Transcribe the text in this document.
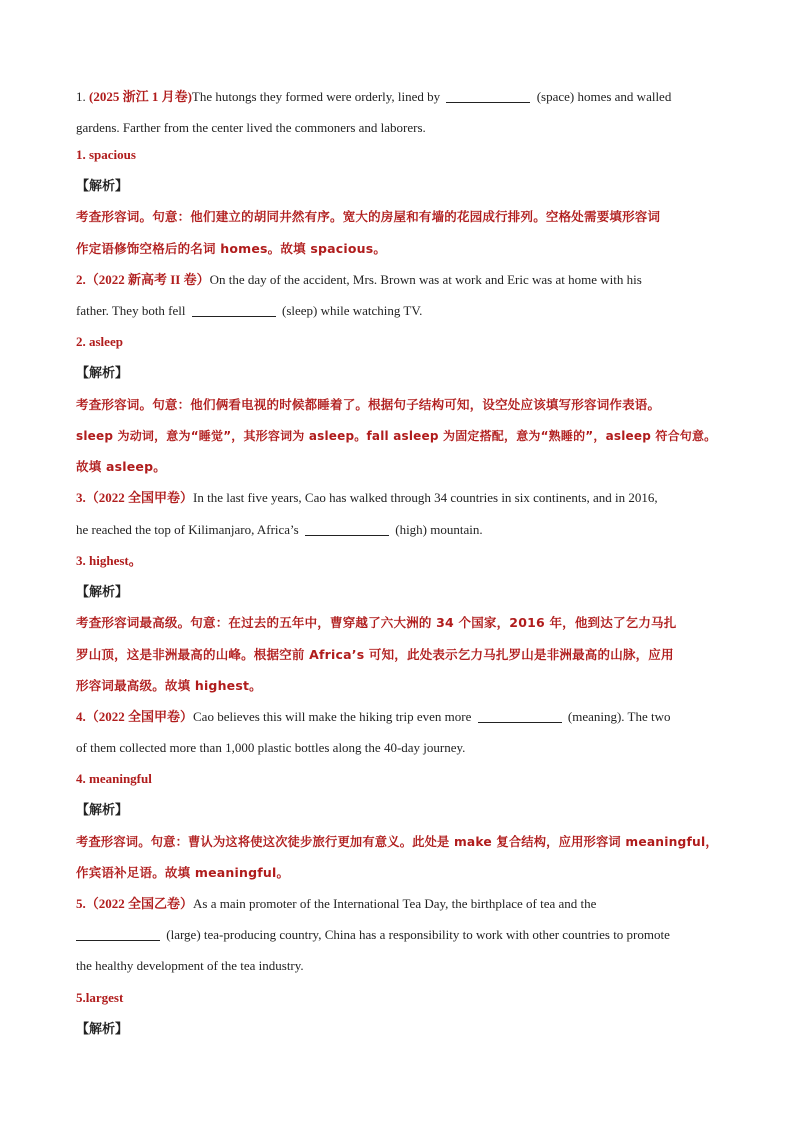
1. (2025 浙江 1 月卷)The hutongs they formed were orderly, lined by	(space) homes and walled
gardens. Farther from the center lived the commoners and laborers.
1. spacious
【解析】
考查形容词。句意：他们建立的胡同井然有序。宽大的房屋和有墙的花园成行排列。空格处需要填形容词
作定语修饰空格后的名词 homes。故填 spacious。
2.（2022 新高考 II 卷）On the day of the accident, Mrs. Brown was at work and Eric was at home with his
father. They both fell	(sleep) while watching TV.
2. asleep
【解析】
考查形容词。句意：他们俩看电视的时候都睡着了。根据句子结构可知，设空处应该填写形容词作表语。
sleep 为动词，意为“睡觉”，其形容词为 asleep。fall asleep 为固定搭配，意为“熟睡的”，asleep 符合句意。
故填 asleep。
3.（2022 全国甲卷）In the last five years, Cao has walked through 34 countries in six continents, and in 2016,
he reached the top of Kilimanjaro, Africa’s	(high) mountain.
3. highest。
【解析】
考查形容词最高级。句意：在过去的五年中，曹穿越了六大洲的 34 个国家，2016 年，他到达了乞力马扎
罗山顶，这是非洲最高的山峰。根据空前 Africa’s 可知，此处表示乞力马扎罗山是非洲最高的山脉，应用
形容词最高级。故填 highest。
4.（2022 全国甲卷）Cao believes this will make the hiking trip even more	(meaning). The two
of them collected more than 1,000 plastic bottles along the 40-day journey.
4. meaningful
【解析】
考查形容词。句意：曹认为这将使这次徒步旅行更加有意义。此处是 make 复合结构，应用形容词 meaningful，
作宾语补足语。故填 meaningful。
5.（2022 全国乙卷）As a main promoter of the International Tea Day, the birthplace of tea and the
(large) tea-producing country, China has a responsibility to work with other countries to promote
the healthy development of the tea industry.
5.largest
【解析】
